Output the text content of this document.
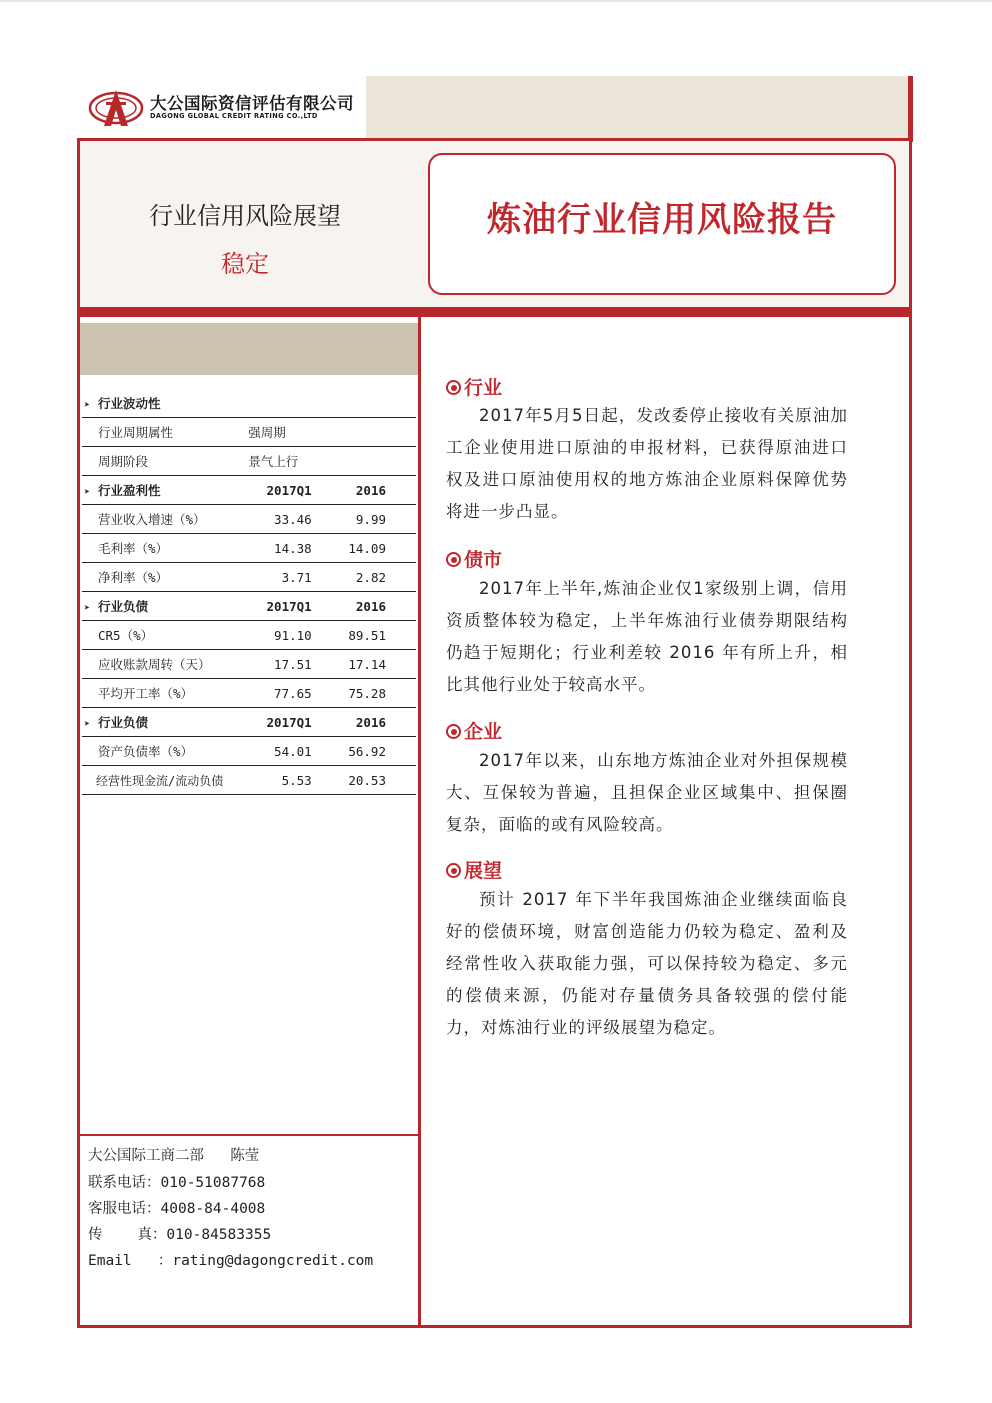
大公国际资信评估有限公司
DAGONG GLOBAL CREDIT RATING CO.,LTD
行业信用风险展望
稳定
炼油行业信用风险报告
➤ 行业波动性		
行业周期属性	强周期	
周期阶段	景气上行	
➤ 行业盈利性	2017Q1	2016
营业收入增速（%）	33.46	9.99
毛利率（%）	14.38	14.09
净利率（%）	3.71	2.82
➤ 行业负债	2017Q1	2016
CR5（%）	91.10	89.51
应收账款周转（天）	17.51	17.14
平均开工率（%）	77.65	75.28
➤ 行业负债	2017Q1	2016
资产负债率（%）	54.01	56.92
经营性现金流/流动负债	5.53	20.53
大公国际工商二部   陈莹
联系电话：010-51087768
客服电话：4008-84-4008
传    真：010-84583355
Email   ：rating@dagongcredit.com
行业
2017年5月5日起，发改委停止接收有关原油加工企业使用进口原油的申报材料，已获得原油进口权及进口原油使用权的地方炼油企业原料保障优势将进一步凸显。
债市
2017年上半年,炼油企业仅1家级别上调，信用资质整体较为稳定，上半年炼油行业债券期限结构仍趋于短期化；行业利差较 2016 年有所上升，相比其他行业处于较高水平。
企业
2017年以来，山东地方炼油企业对外担保规模大、互保较为普遍，且担保企业区域集中、担保圈复杂，面临的或有风险较高。
展望
预计 2017 年下半年我国炼油企业继续面临良好的偿债环境，财富创造能力仍较为稳定、盈利及经常性收入获取能力强，可以保持较为稳定、多元的偿债来源，仍能对存量债务具备较强的偿付能力，对炼油行业的评级展望为稳定。
